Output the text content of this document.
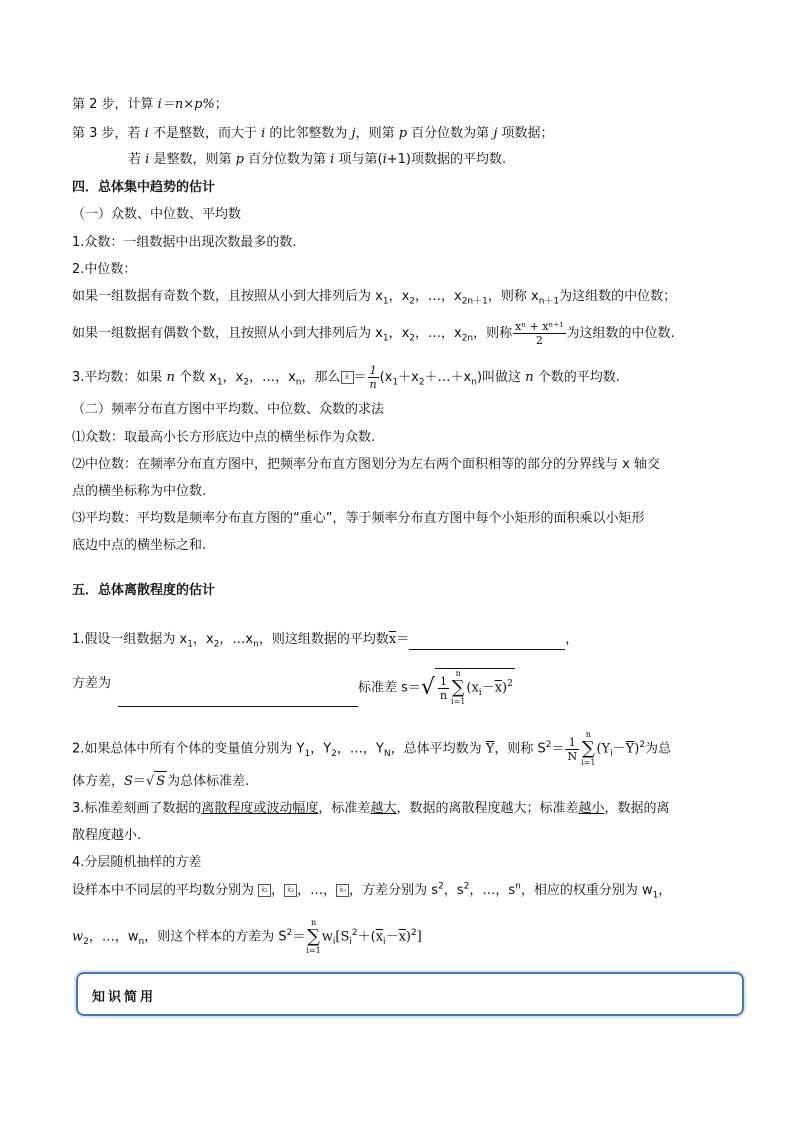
第 2 步，计算 i＝n×p%；
第 3 步，若 i 不是整数，而大于 i 的比邻整数为 j，则第 p 百分位数为第 j 项数据；
若 i 是整数，则第 p 百分位数为第 i 项与第(i+1)项数据的平均数.
四．总体集中趋势的估计
（一）众数、中位数、平均数
1.众数：一组数据中出现次数最多的数.
2.中位数：
如果一组数据有奇数个数，且按照从小到大排列后为 $x_1$，$x_2$，…，$x_{2n+1}$，则称 $x_{n+1}$为这组数的中位数；
如果一组数据有偶数个数，且按照从小到大排列后为 $x_1$，$x_2$，…，$x_{2n}$，则称 $\frac{\text{xⁿ + xⁿ⁺¹}}{2}$ 为这组数的中位数.
3.平均数：如果 n 个数 $x_1$，$x_2$，…，$x_n$，那么 x̄ ＝ $\frac{1}{n}$ $(x_1+x_2+\dots+x_n)$叫做这 n 个数的平均数.
（二）频率分布直方图中平均数、中位数、众数的求法
⑴众数：取最高小长方形底边中点的横坐标作为众数.
⑵中位数：在频率分布直方图中，把频率分布直方图划分为左右两个面积相等的部分的分界线与 x 轴交
点的横坐标称为中位数.
⑶平均数：平均数是频率分布直方图的“重心”，等于频率分布直方图中每个小矩形的面积乘以小矩形
底边中点的横坐标之和.
五．总体离散程度的估计
1.假设一组数据为 $x_1$，$x_2$，$\dots x_n$，则这组数据的平均数$\overline{x}=$	，
方差为	标准差 $s=√ \frac{1}{n}$
n
∑
i=1
$(x_i-\overline{x})^2$
2.如果总体中所有个体的变量值分别为 $Y_1$，$Y_2$，…，$Y_N$，总体平均数为 $\overline{Y}$，则称 $S^2= \frac{1}{N}$
n
∑
i=1
$(Y_i-\overline{Y})^2$为总
体方差，S＝√ S 为总体标准差.
3.标准差刻画了数据的离散程度或波动幅度，标准差越大，数据的离散程度越大；标准差越小，数据的离
散程度越小.
4.分层随机抽样的方差
设样本中不同层的平均数分别为 x̄₁ ， x̄₂ ，…， x̄ₙ ，方差分别为 $s^2$，$s^2$，…，$s^n$，相应的权重分别为 $w_1$，
$w_2$，…，$w_n$，则这个样本的方差为 $S^2=$
n
∑
i=1
$w_i[S_i^2+(\overline{x}_i-\overline{x})^2]$
知识简用
